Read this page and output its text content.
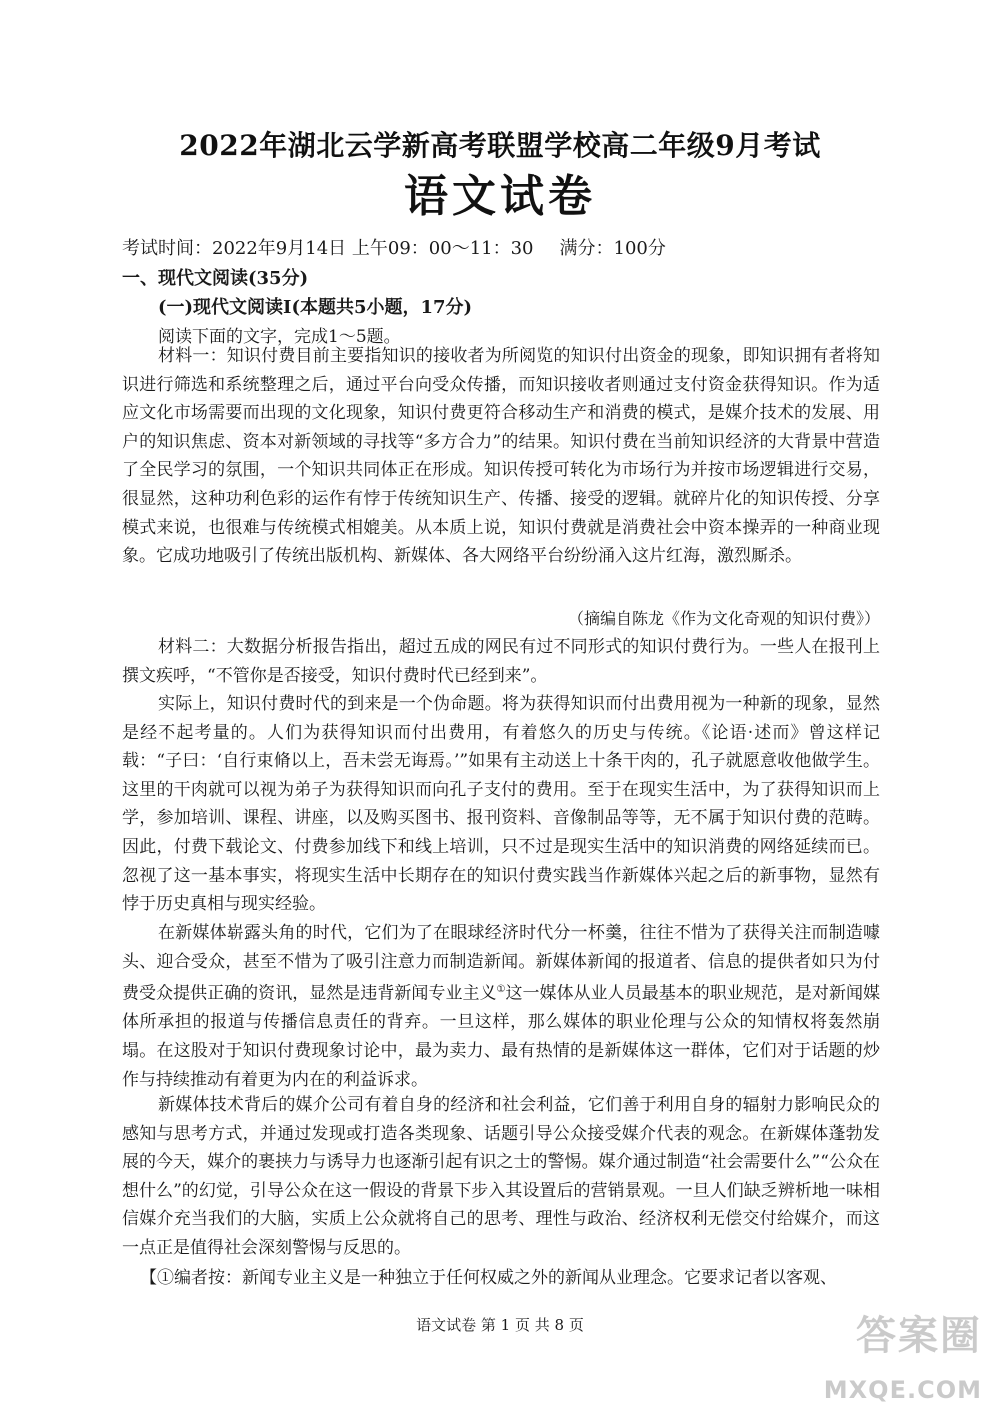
2022年湖北云学新高考联盟学校高二年级9月考试
语文试卷
考试时间：2022年9月14日 上午09：00～11：30 满分：100分
一、现代文阅读(35分)
(一)现代文阅读Ⅰ(本题共5小题，17分)
阅读下面的文字，完成1～5题。

材料一：知识付费目前主要指知识的接收者为所阅览的知识付出资金的现象，即知识拥有者将知识进行筛选和系统整理之后，通过平台向受众传播，而知识接收者则通过支付资金获得知识。作为适应文化市场需要而出现的文化现象，知识付费更符合移动生产和消费的模式，是媒介技术的发展、用户的知识焦虑、资本对新领域的寻找等“多方合力”的结果。知识付费在当前知识经济的大背景中营造了全民学习的氛围，一个知识共同体正在形成。知识传授可转化为市场行为并按市场逻辑进行交易，很显然，这种功利色彩的运作有悖于传统知识生产、传播、接受的逻辑。就碎片化的知识传授、分享模式来说，也很难与传统模式相媲美。从本质上说，知识付费就是消费社会中资本操弄的一种商业现象。它成功地吸引了传统出版机构、新媒体、各大网络平台纷纷涌入这片红海，激烈厮杀。

（摘编自陈龙《作为文化奇观的知识付费》）

材料二：大数据分析报告指出，超过五成的网民有过不同形式的知识付费行为。一些人在报刊上撰文疾呼，“不管你是否接受，知识付费时代已经到来”。

实际上，知识付费时代的到来是一个伪命题。将为获得知识而付出费用视为一种新的现象，显然是经不起考量的。人们为获得知识而付出费用，有着悠久的历史与传统。《论语·述而》曾这样记载：“子曰：‘自行束脩以上，吾未尝无诲焉。’”如果有主动送上十条干肉的，孔子就愿意收他做学生。这里的干肉就可以视为弟子为获得知识而向孔子支付的费用。至于在现实生活中，为了获得知识而上学，参加培训、课程、讲座，以及购买图书、报刊资料、音像制品等等，无不属于知识付费的范畴。因此，付费下载论文、付费参加线下和线上培训，只不过是现实生活中的知识消费的网络延续而已。忽视了这一基本事实，将现实生活中长期存在的知识付费实践当作新媒体兴起之后的新事物，显然有悖于历史真相与现实经验。

在新媒体崭露头角的时代，它们为了在眼球经济时代分一杯羹，往往不惜为了获得关注而制造噱头、迎合受众，甚至不惜为了吸引注意力而制造新闻。新媒体新闻的报道者、信息的提供者如只为付费受众提供正确的资讯，显然是违背新闻专业主义①这一媒体从业人员最基本的职业规范，是对新闻媒体所承担的报道与传播信息责任的背弃。一旦这样，那么媒体的职业伦理与公众的知情权将轰然崩塌。在这股对于知识付费现象讨论中，最为卖力、最有热情的是新媒体这一群体，它们对于话题的炒作与持续推动有着更为内在的利益诉求。

新媒体技术背后的媒介公司有着自身的经济和社会利益，它们善于利用自身的辐射力影响民众的感知与思考方式，并通过发现或打造各类现象、话题引导公众接受媒介代表的观念。在新媒体蓬勃发展的今天，媒介的裹挟力与诱导力也逐渐引起有识之士的警惕。媒介通过制造“社会需要什么”“公众在想什么”的幻觉，引导公众在这一假设的背景下步入其设置后的营销景观。一旦人们缺乏辨析地一味相信媒介充当我们的大脑，实质上公众就将自己的思考、理性与政治、经济权利无偿交付给媒介，而这一点正是值得社会深刻警惕与反思的。

【①编者按：新闻专业主义是一种独立于任何权威之外的新闻从业理念。它要求记者以客观、

语文试卷 第 1 页 共 8 页	答案圈
MXQE.COM
